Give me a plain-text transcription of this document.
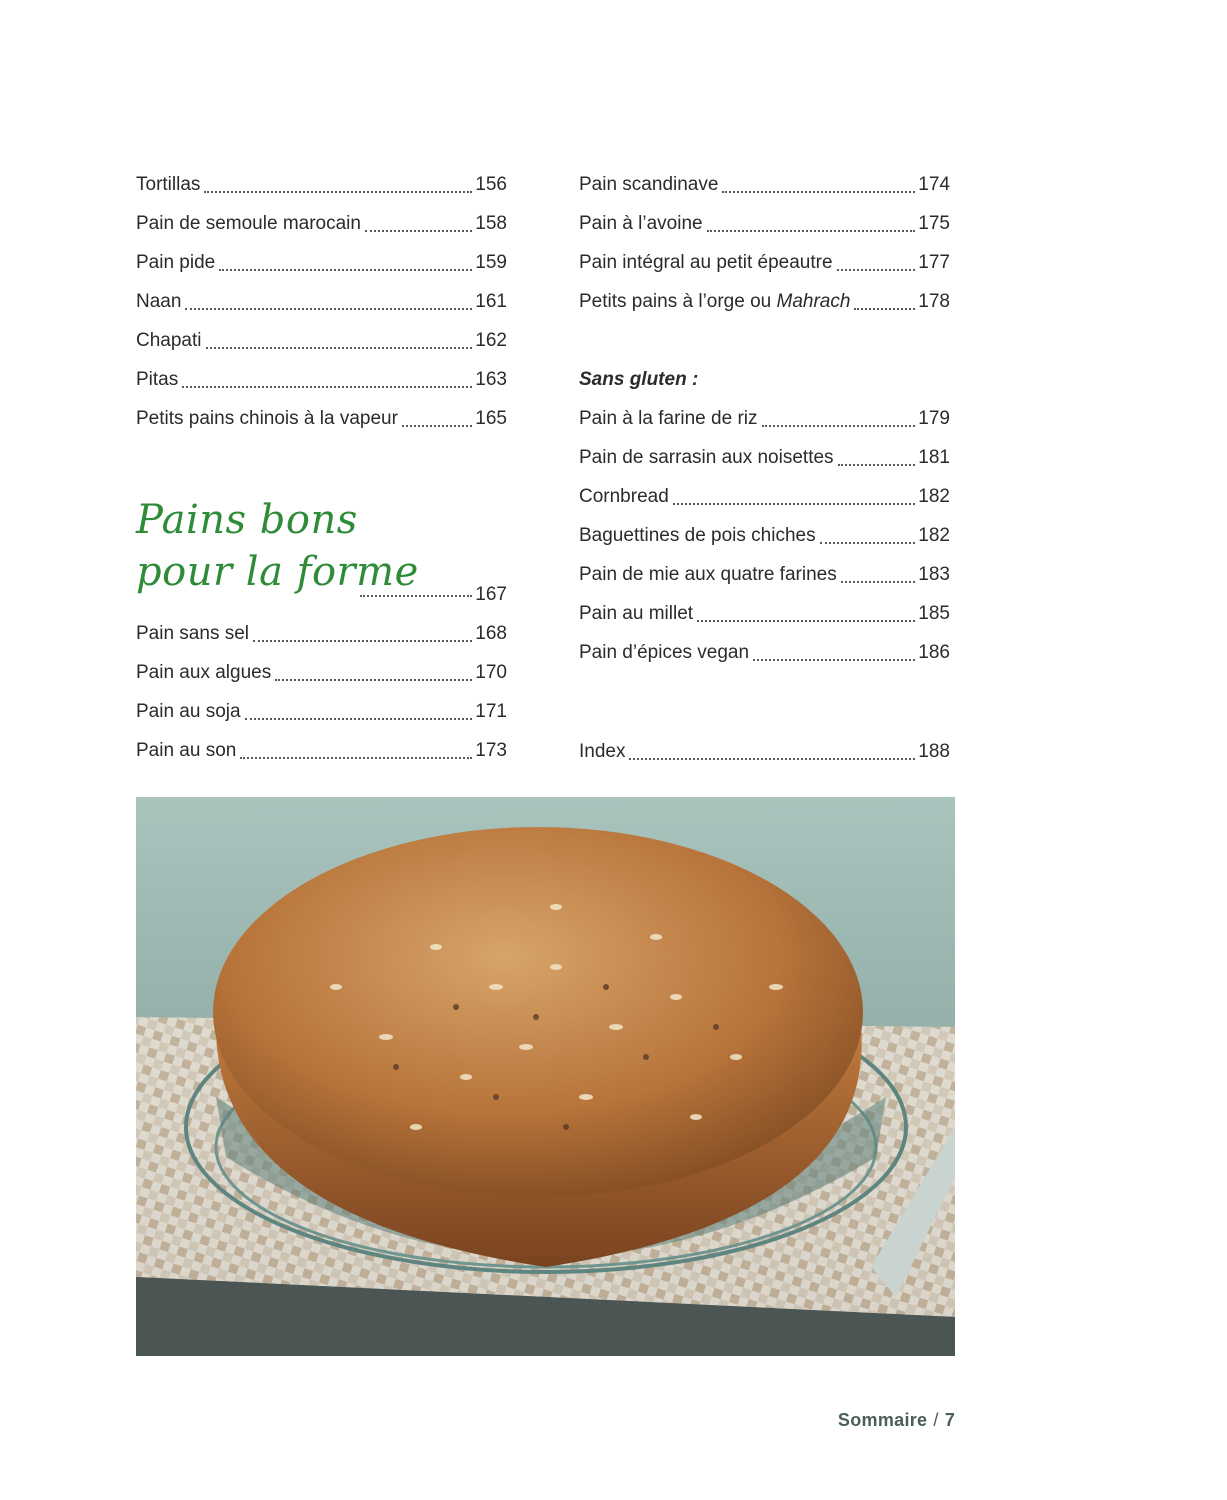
Tortillas	156
Pain de semoule marocain	158
Pain pide	159
Naan	161
Chapati	162
Pitas	163
Petits pains chinois à la vapeur	165
Pains bons
pour la forme	167
Pain sans sel	168
Pain aux algues	170
Pain au soja	171
Pain au son	173
Pain scandinave	174
Pain à l’avoine	175
Pain intégral au petit épeautre	177
Petits pains à l’orge ou Mahrach	178
Sans gluten :
Pain à la farine de riz	179
Pain de sarrasin aux noisettes	181
Cornbread	182
Baguettines de pois chiches	182
Pain de mie aux quatre farines	183
Pain au millet	185
Pain d’épices vegan	186
Index	188
Sommaire / 7
